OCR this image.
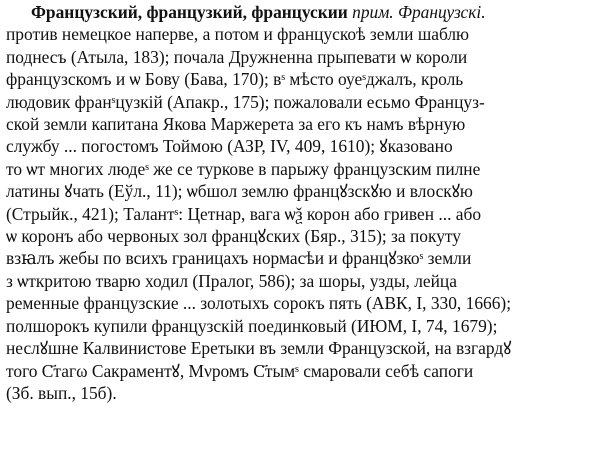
Французский, французкий, францускии прим. Французскі.
против немецкое наперве, а потом и францускоѣ земли шаблю
поднесъ (Атыла, 183); почала Дружненна прыпевати ѡ короли
французскомъ и ѡ Бову (Бава, 170); вˢ мѣсто оуеˢджалъ, кроль
людовик франˢцузкій (Апакр., 175); пожаловали есьмо Француз-
ской земли капитана Якова Маржерета за его къ намъ вѣрную
службу ... погостомъ Тоймою (АЗР, IV, 409, 1610); ꙋказовано
то ѡт многих людеˢ же се туркове в парыжу французским пилне
латины ꙋчать (Еўл., 11); ѡбшол землю францꙋзскꙋю и влоскꙋю
(Стрыйк., 421); Талантˢ: Цетнар, вага ѡѯ корон або гривен ... або
ѡ коронъ або червоных зол францꙋских (Бяр., 315); за покуту
взꙗлъ жебы по всихъ границахъ нормасѣи и францꙋзкоˢ земли
з ѡткритою тварю ходил (Пралог, 586); за шоры, узды, лейца
ременные французские ... золотыхъ сорокъ пять (АВК, I, 330, 1666);
полшорокъ купили французскій поединковый (ИЮМ, I, 74, 1679);
неслꙋшне Калвинистове Еретыки въ земли Французской, на взгардꙋ
того С҃тагω Сакраментꙋ, Мνромъ С҃тымˢ смаровали себѣ сапоги
(Зб. вып., 15б).
